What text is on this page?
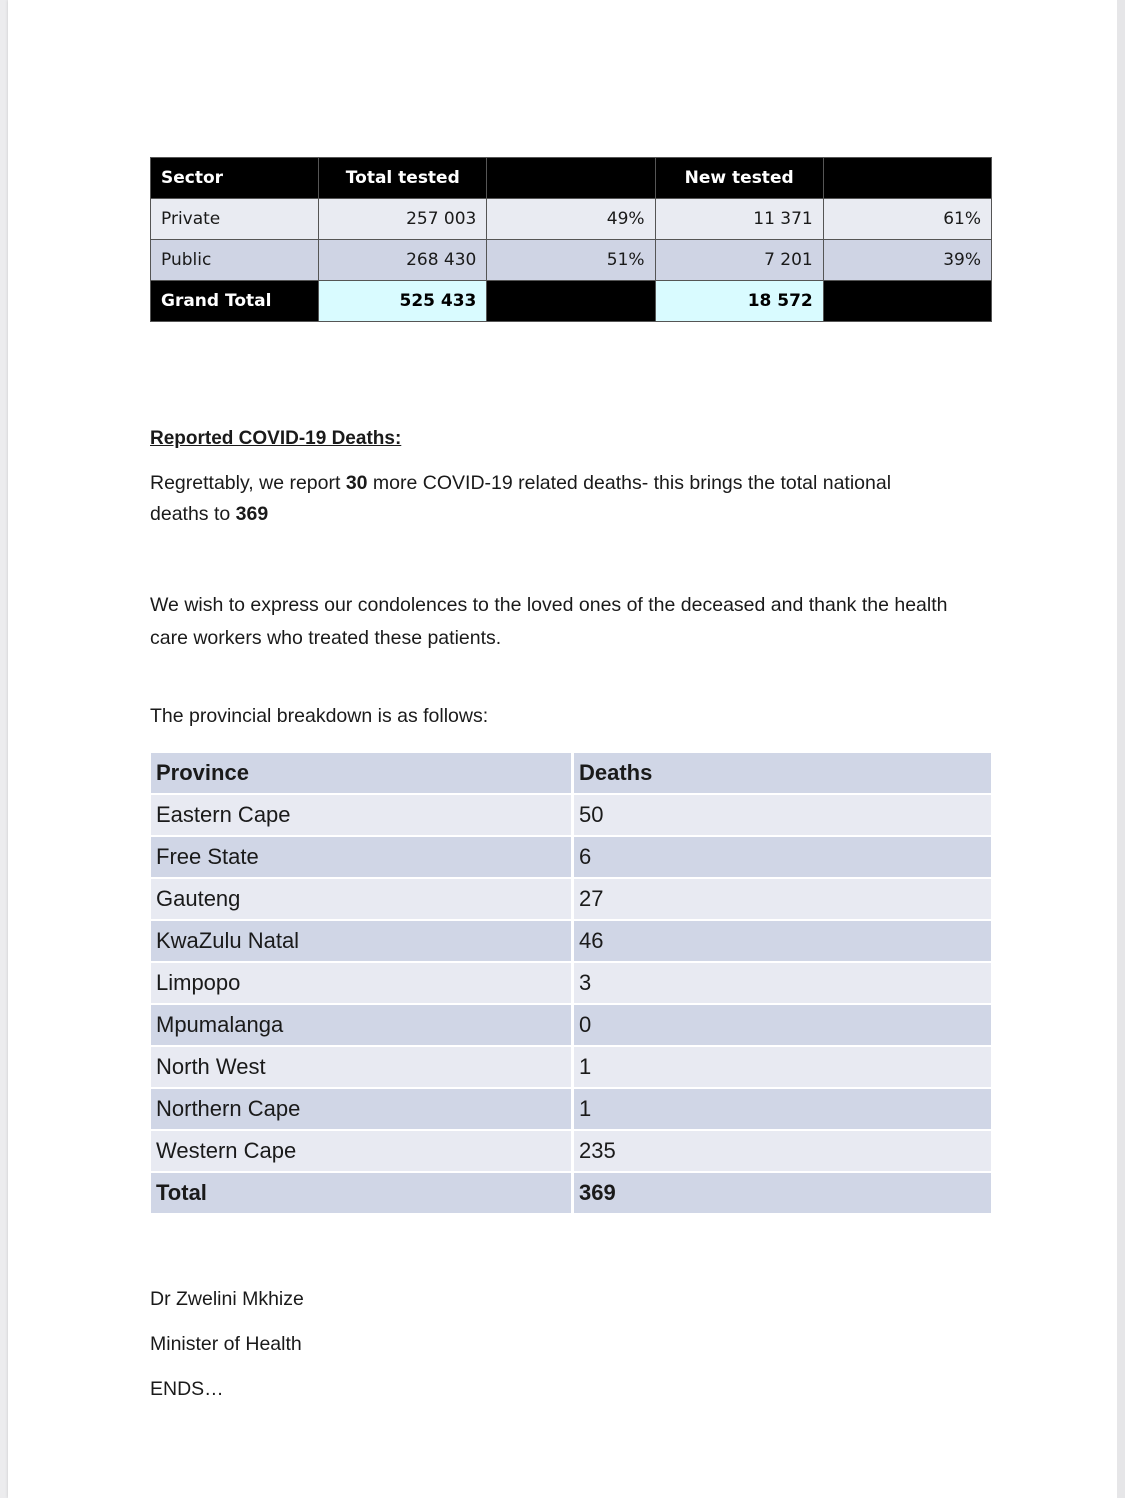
Sector	Total tested		New tested	
Private	257 003	49%	11 371	61%
Public	268 430	51%	7 201	39%
Grand Total	525 433		18 572	
Reported COVID-19 Deaths:
Regrettably, we report 30 more COVID-19 related deaths- this brings the total national
deaths to 369
We wish to express our condolences to the loved ones of the deceased and thank the health
care workers who treated these patients.
The provincial breakdown is as follows:
Province	Deaths
Eastern Cape	50
Free State	6
Gauteng	27
KwaZulu Natal	46
Limpopo	3
Mpumalanga	0
North West	1
Northern Cape	1
Western Cape	235
Total	369
Dr Zwelini Mkhize
Minister of Health
ENDS…
